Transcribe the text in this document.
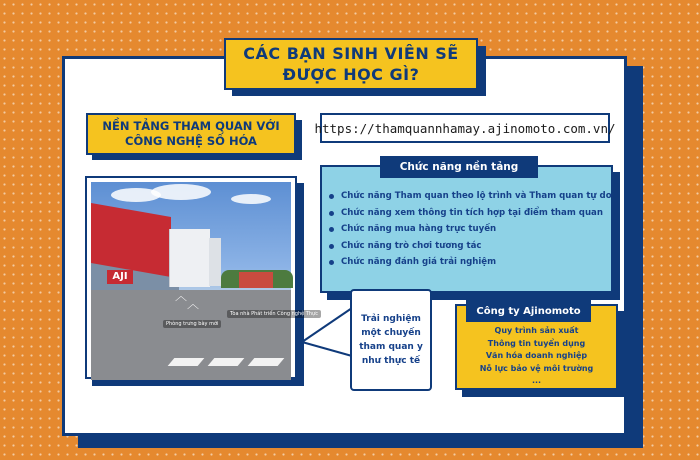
CÁC BẠN SINH VIÊN SẼ
ĐƯỢC HỌC GÌ?
NỀN TẢNG THAM QUAN VỚI
CÔNG NGHỆ SỐ HÓA
https://thamquannhamay.ajinomoto.com.vn/
AJI
︿
︿
Phòng trưng bày mới
Tòa nhà Phát triển Công nghệ Thực
Chức năng nền tảng
Chức năng Tham quan theo lộ trình và Tham quan tự do
Chức năng xem thông tin tích hợp tại điểm tham quan
Chức năng mua hàng trực tuyến
Chức năng trò chơi tương tác
Chức năng đánh giá trải nghiệm
Trải nghiệm
một chuyến
tham quan y
như thực tế
Công ty Ajinomoto
Quy trình sản xuất
Thông tin tuyển dụng
Văn hóa doanh nghiệp
Nỗ lực bảo vệ môi trường
...
